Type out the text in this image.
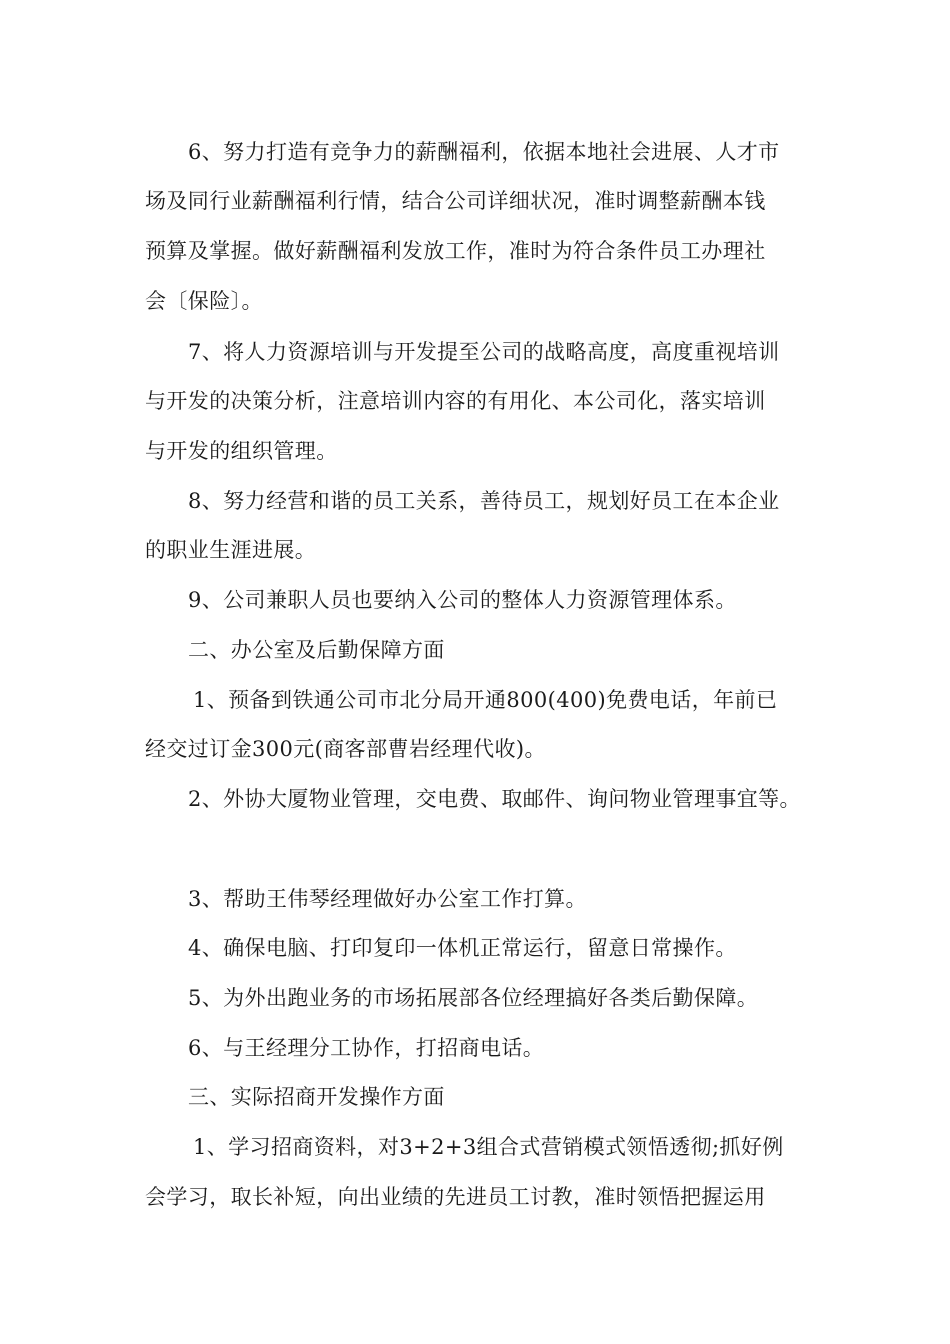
6、努力打造有竞争力的薪酬福利，依据本地社会进展、人才市

场及同行业薪酬福利行情，结合公司详细状况，准时调整薪酬本钱

预算及掌握。做好薪酬福利发放工作，准时为符合条件员工办理社

会〔保险〕。

7、将人力资源培训与开发提至公司的战略高度，高度重视培训

与开发的决策分析，注意培训内容的有用化、本公司化，落实培训

与开发的组织管理。

8、努力经营和谐的员工关系，善待员工，规划好员工在本企业

的职业生涯进展。

9、公司兼职人员也要纳入公司的整体人力资源管理体系。

二、办公室及后勤保障方面

1、预备到铁通公司市北分局开通800(400)免费电话，年前已

经交过订金300元(商客部曹岩经理代收)。

2、外协大厦物业管理，交电费、取邮件、询问物业管理事宜等。

3、帮助王伟琴经理做好办公室工作打算。

4、确保电脑、打印复印一体机正常运行，留意日常操作。

5、为外出跑业务的市场拓展部各位经理搞好各类后勤保障。

6、与王经理分工协作，打招商电话。

三、实际招商开发操作方面

1、学习招商资料，对3+2+3组合式营销模式领悟透彻;抓好例

会学习，取长补短，向出业绩的先进员工讨教，准时领悟把握运用
